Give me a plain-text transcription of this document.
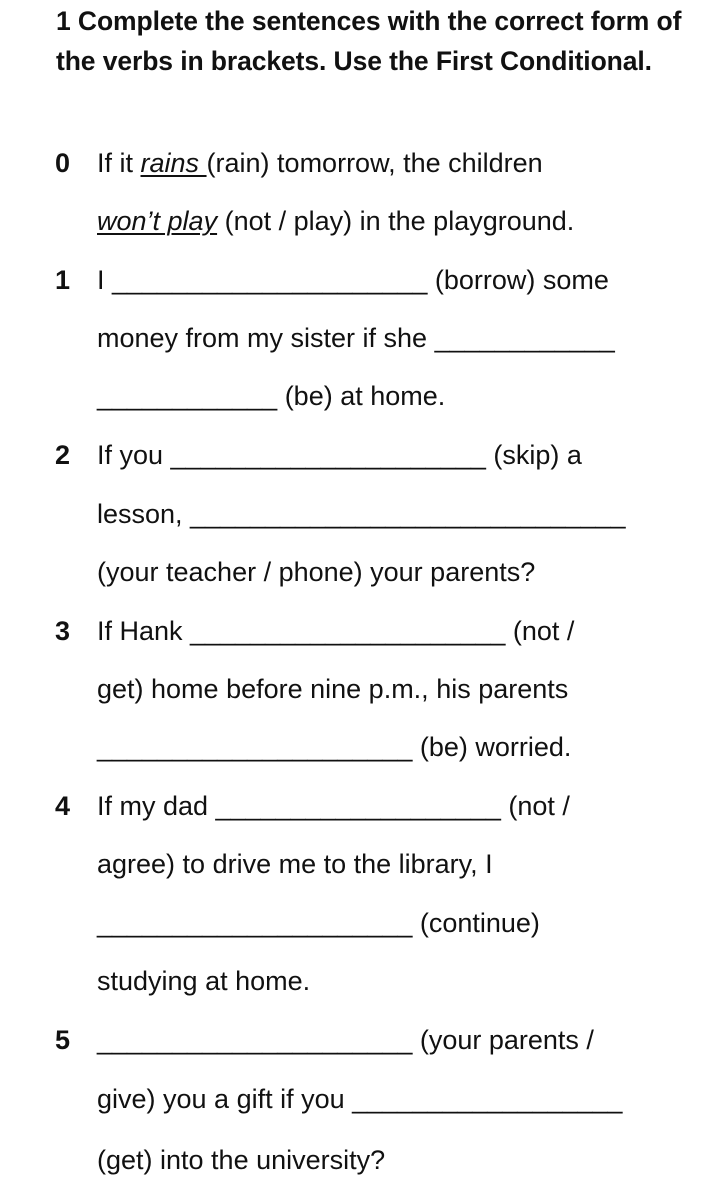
1 Complete the sentences with the correct form of the verbs in brackets. Use the First Conditional.
0 If it rains (rain) tomorrow, the children
won’t play (not / play) in the playground.
1 I _____________________ (borrow) some
money from my sister if she ____________
____________ (be) at home.
2 If you _____________________ (skip) a
lesson, _____________________________
(your teacher / phone) your parents?
3 If Hank _____________________ (not /
get) home before nine p.m., his parents
_____________________ (be) worried.
4 If my dad ___________________ (not /
agree) to drive me to the library, I
_____________________ (continue)
studying at home.
5 _____________________ (your parents /
give) you a gift if you __________________
(get) into the university?
